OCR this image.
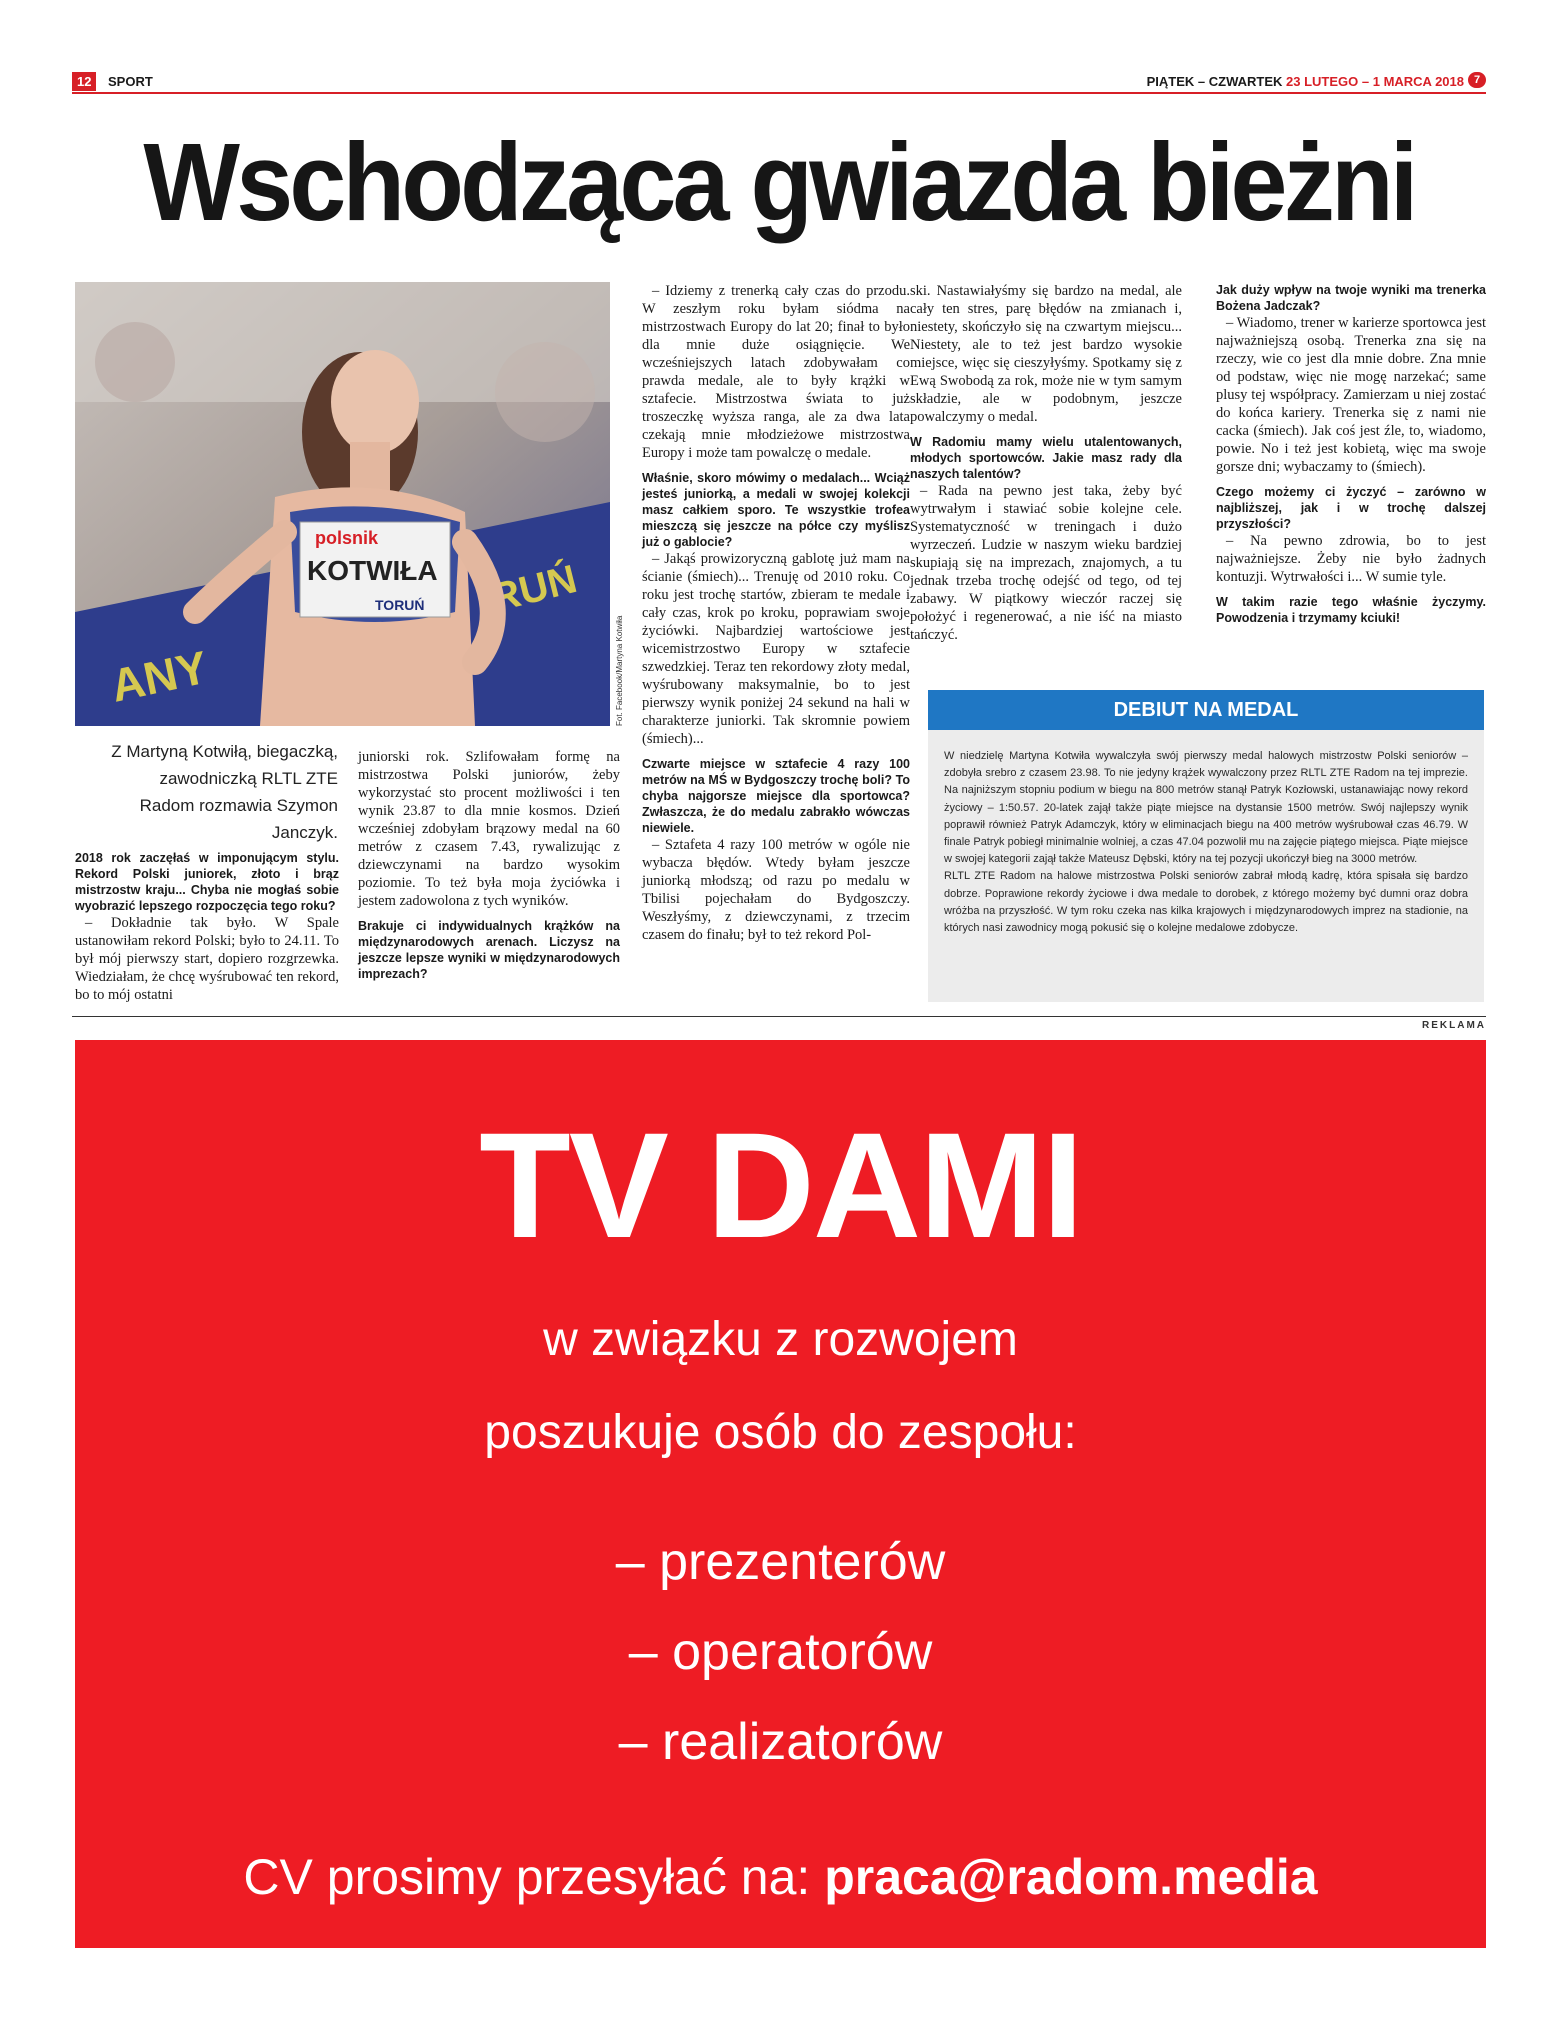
12	SPORT	PIĄTEK – CZWARTEK 23 LUTEGO – 1 MARCA 2018 7
Wschodząca gwiazda bieżni
ANY
RUŃ
polsnik
KOTWIŁA
TORUŃ
Fot. Facebook/Martyna Kotwiła
Z Martyną Kotwiłą, biegaczką, zawodniczką RLTL ZTE Radom rozmawia Szymon Janczyk.

2018 rok zaczęłaś w imponującym stylu. Rekord Polski juniorek, złoto i brąz mistrzostw kraju... Chyba nie mogłaś sobie wyobrazić lepszego rozpoczęcia tego roku?

– Dokładnie tak było. W Spale ustanowiłam rekord Polski; było to 24.11. To był mój pierwszy start, dopiero rozgrzewka. Wiedziałam, że chcę wyśrubować ten rekord, bo to mój ostatni

juniorski rok. Szlifowałam formę na mistrzostwa Polski juniorów, żeby wykorzystać sto procent możliwości i ten wynik 23.87 to dla mnie kosmos. Dzień wcześniej zdobyłam brązowy medal na 60 metrów z czasem 7.43, rywalizując z dziewczynami na bardzo wysokim poziomie. To też była moja życiówka i jestem zadowolona z tych wyników.

Brakuje ci indywidualnych krążków na międzynarodowych arenach. Liczysz na jeszcze lepsze wyniki w międzynarodowych imprezach?

– Idziemy z trenerką cały czas do przodu. W zeszłym roku byłam siódma na mistrzostwach Europy do lat 20; finał to było dla mnie duże osiągnięcie. We wcześniejszych latach zdobywałam co prawda medale, ale to były krążki w sztafecie. Mistrzostwa świata to już troszeczkę wyższa ranga, ale za dwa lata czekają mnie młodzieżowe mistrzostwa Europy i może tam powalczę o medale.

Właśnie, skoro mówimy o medalach... Wciąż jesteś juniorką, a medali w swojej kolekcji masz całkiem sporo. Te wszystkie trofea mieszczą się jeszcze na półce czy myślisz już o gablocie?

– Jakąś prowizoryczną gablotę już mam na ścianie (śmiech)... Trenuję od 2010 roku. Co roku jest trochę startów, zbieram te medale i cały czas, krok po kroku, poprawiam swoje życiówki. Najbardziej wartościowe jest wicemistrzostwo Europy w sztafecie szwedzkiej. Teraz ten rekordowy złoty medal, wyśrubowany maksymalnie, bo to jest pierwszy wynik poniżej 24 sekund na hali w charakterze juniorki. Tak skromnie powiem (śmiech)...

Czwarte miejsce w sztafecie 4 razy 100 metrów na MŚ w Bydgoszczy trochę boli? To chyba najgorsze miejsce dla sportowca? Zwłaszcza, że do medalu zabrakło wówczas niewiele.

– Sztafeta 4 razy 100 metrów w ogóle nie wybacza błędów. Wtedy byłam jeszcze juniorką młodszą; od razu po medalu w Tbilisi pojechałam do Bydgoszczy. Weszłyśmy, z dziewczynami, z trzecim czasem do finału; był to też rekord Pol-

ski. Nastawiałyśmy się bardzo na medal, ale cały ten stres, parę błędów na zmianach i, niestety, skończyło się na czwartym miejscu... Niestety, ale to też jest bardzo wysokie miejsce, więc się cieszyłyśmy. Spotkamy się z Ewą Swobodą za rok, może nie w tym samym składzie, ale w podobnym, jeszcze powalczymy o medal.

W Radomiu mamy wielu utalentowanych, młodych sportowców. Jakie masz rady dla naszych talentów?

– Rada na pewno jest taka, żeby być wytrwałym i stawiać sobie kolejne cele. Systematyczność w treningach i dużo wyrzeczeń. Ludzie w naszym wieku bardziej skupiają się na imprezach, znajomych, a tu jednak trzeba trochę odejść od tego, od tej zabawy. W piątkowy wieczór raczej się położyć i regenerować, a nie iść na miasto tańczyć.

Jak duży wpływ na twoje wyniki ma trenerka Bożena Jadczak?

– Wiadomo, trener w karierze sportowca jest najważniejszą osobą. Trenerka zna się na rzeczy, wie co jest dla mnie dobre. Zna mnie od podstaw, więc nie mogę narzekać; same plusy tej współpracy. Zamierzam u niej zostać do końca kariery. Trenerka się z nami nie cacka (śmiech). Jak coś jest źle, to, wiadomo, powie. No i też jest kobietą, więc ma swoje gorsze dni; wybaczamy to (śmiech).

Czego możemy ci życzyć – zarówno w najbliższej, jak i w trochę dalszej przyszłości?

– Na pewno zdrowia, bo to jest najważniejsze. Żeby nie było żadnych kontuzji. Wytrwałości i... W sumie tyle.

W takim razie tego właśnie życzymy. Powodzenia i trzymamy kciuki!

DEBIUT NA MEDAL
W niedzielę Martyna Kotwiła wywalczyła swój pierwszy medal halowych mistrzostw Polski seniorów – zdobyła srebro z czasem 23.98. To nie jedyny krążek wywalczony przez RLTL ZTE Radom na tej imprezie. Na najniższym stopniu podium w biegu na 800 metrów stanął Patryk Kozłowski, ustanawiając nowy rekord życiowy – 1:50.57. 20-latek zajął także piąte miejsce na dystansie 1500 metrów. Swój najlepszy wynik poprawił również Patryk Adamczyk, który w eliminacjach biegu na 400 metrów wyśrubował czas 46.79. W finale Patryk pobiegł minimalnie wolniej, a czas 47.04 pozwolił mu na zajęcie piątego miejsca. Piąte miejsce w swojej kategorii zajął także Mateusz Dębski, który na tej pozycji ukończył bieg na 3000 metrów.
RLTL ZTE Radom na halowe mistrzostwa Polski seniorów zabrał młodą kadrę, która spisała się bardzo dobrze. Poprawione rekordy życiowe i dwa medale to dorobek, z którego możemy być dumni oraz dobra wróżba na przyszłość. W tym roku czeka nas kilka krajowych i międzynarodowych imprez na stadionie, na których nasi zawodnicy mogą pokusić się o kolejne medalowe zdobycze.
REKLAMA
TV DAMI
w związku z rozwojem
poszukuje osób do zespołu:
– prezenterów
– operatorów
– realizatorów
CV prosimy przesyłać na: praca@radom.media
